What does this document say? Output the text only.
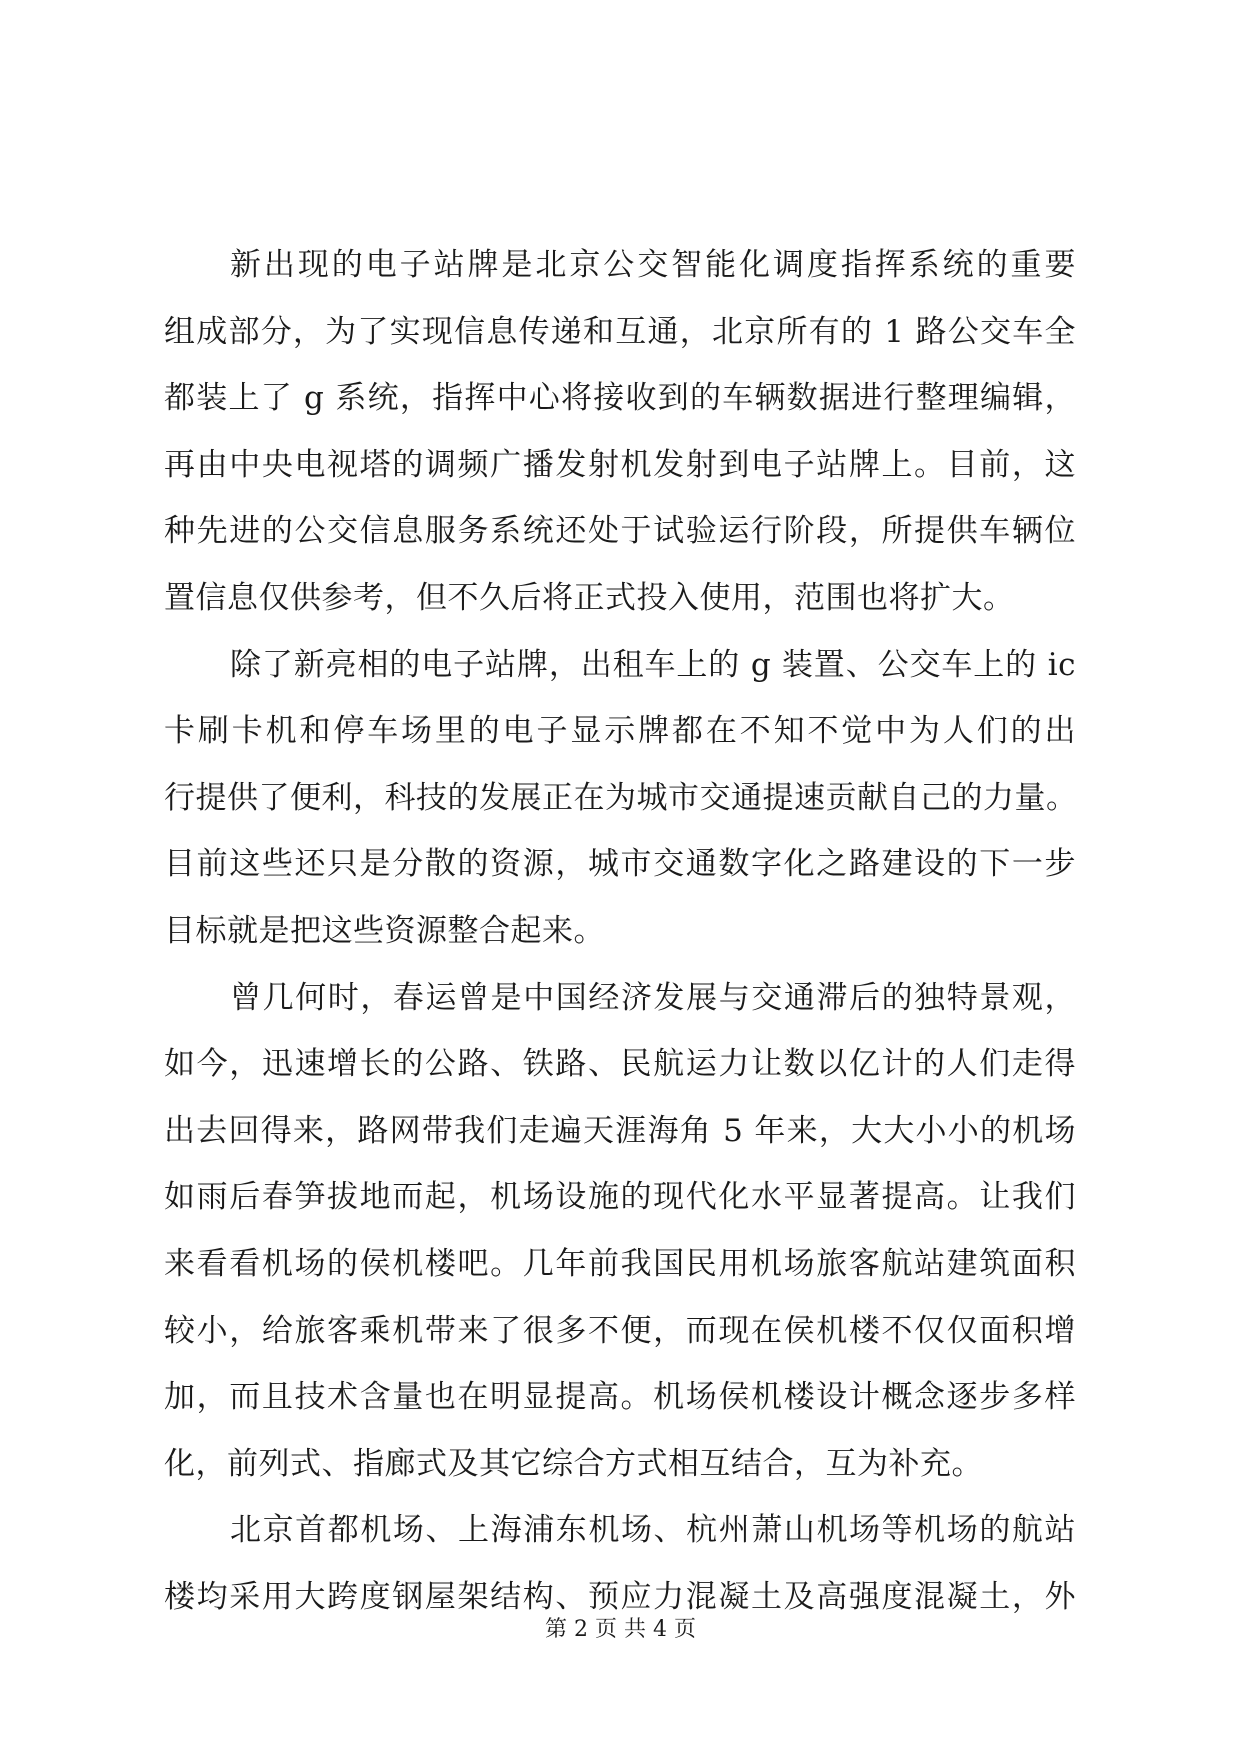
新出现的电子站牌是北京公交智能化调度指挥系统的重要
组成部分，为了实现信息传递和互通，北京所有的 1 路公交车全
都装上了 g 系统，指挥中心将接收到的车辆数据进行整理编辑，
再由中央电视塔的调频广播发射机发射到电子站牌上。目前，这
种先进的公交信息服务系统还处于试验运行阶段，所提供车辆位
置信息仅供参考，但不久后将正式投入使用，范围也将扩大。
除了新亮相的电子站牌，出租车上的 g 装置、公交车上的 ic
卡刷卡机和停车场里的电子显示牌都在不知不觉中为人们的出
行提供了便利，科技的发展正在为城市交通提速贡献自己的力量。
目前这些还只是分散的资源，城市交通数字化之路建设的下一步
目标就是把这些资源整合起来。
曾几何时，春运曾是中国经济发展与交通滞后的独特景观，
如今，迅速增长的公路、铁路、民航运力让数以亿计的人们走得
出去回得来，路网带我们走遍天涯海角 5 年来，大大小小的机场
如雨后春笋拔地而起，机场设施的现代化水平显著提高。让我们
来看看机场的侯机楼吧。几年前我国民用机场旅客航站建筑面积
较小，给旅客乘机带来了很多不便，而现在侯机楼不仅仅面积增
加，而且技术含量也在明显提高。机场侯机楼设计概念逐步多样
化，前列式、指廊式及其它综合方式相互结合，互为补充。
北京首都机场、上海浦东机场、杭州萧山机场等机场的航站
楼均采用大跨度钢屋架结构、预应力混凝土及高强度混凝土，外
第 2 页 共 4 页
